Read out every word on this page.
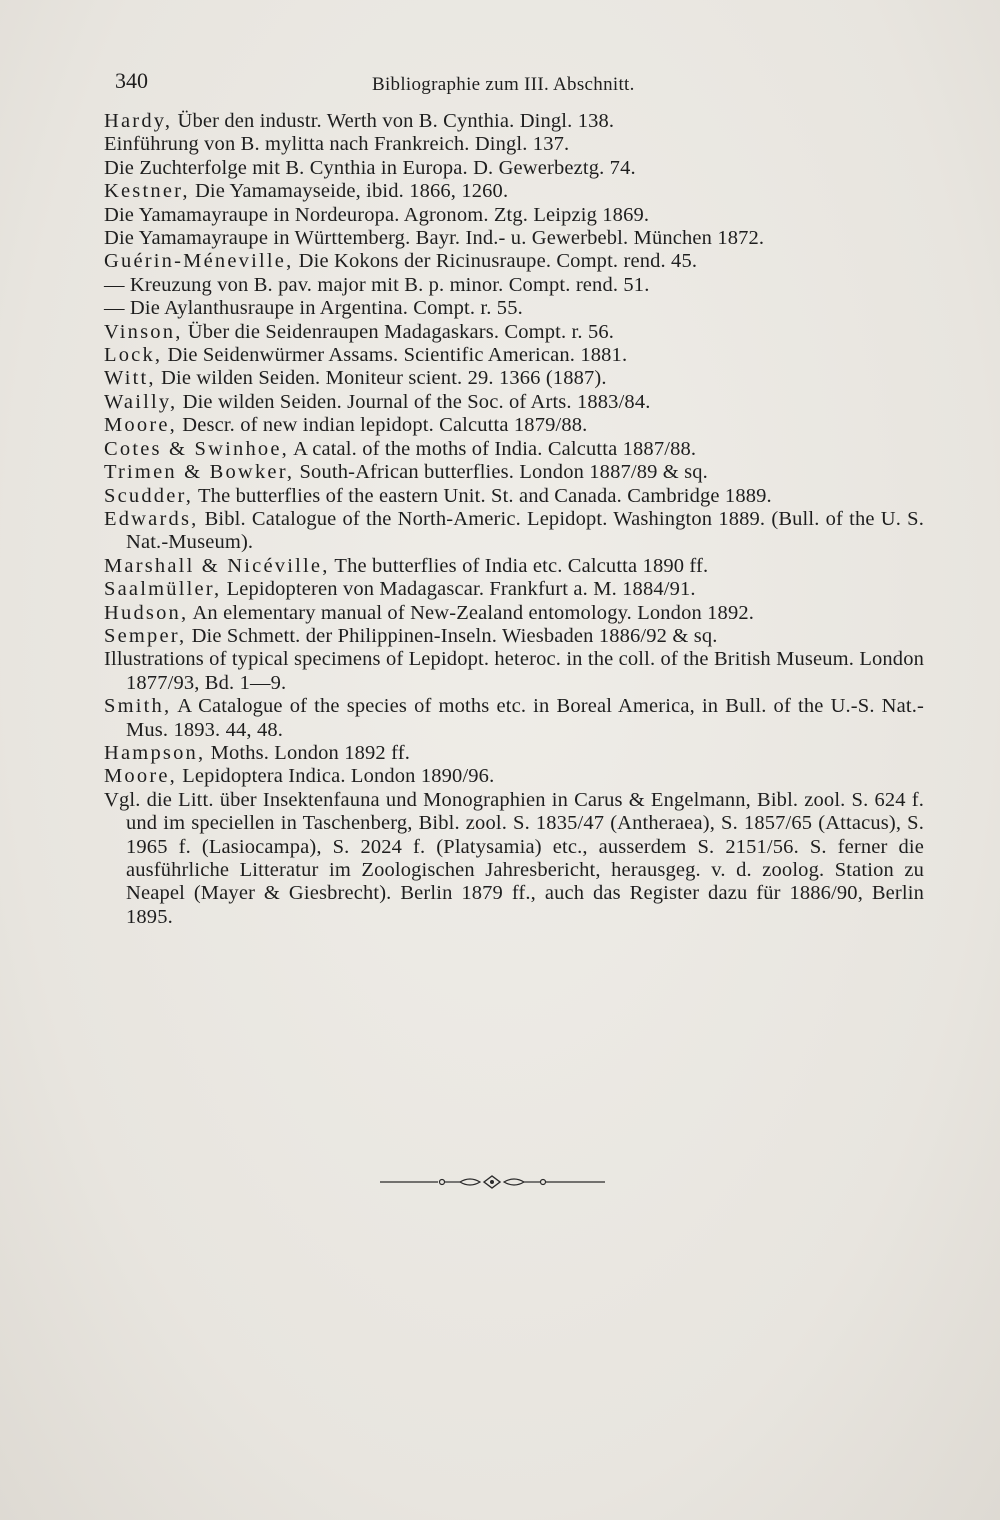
340	Bibliographie zum III. Abschnitt.
Hardy, Über den industr. Werth von B. Cynthia. Dingl. 138.
Einführung von B. mylitta nach Frankreich. Dingl. 137.
Die Zuchterfolge mit B. Cynthia in Europa. D. Gewerbeztg. 74.
Kestner, Die Yamamayseide, ibid. 1866, 1260.
Die Yamamayraupe in Nordeuropa. Agronom. Ztg. Leipzig 1869.
Die Yamamayraupe in Württemberg. Bayr. Ind.- u. Gewerbebl. München 1872.
Guérin-Méneville, Die Kokons der Ricinusraupe. Compt. rend. 45.
— Kreuzung von B. pav. major mit B. p. minor. Compt. rend. 51.
— Die Aylanthusraupe in Argentina. Compt. r. 55.
Vinson, Über die Seidenraupen Madagaskars. Compt. r. 56.
Lock, Die Seidenwürmer Assams. Scientific American. 1881.
Witt, Die wilden Seiden. Moniteur scient. 29. 1366 (1887).
Wailly, Die wilden Seiden. Journal of the Soc. of Arts. 1883/84.
Moore, Descr. of new indian lepidopt. Calcutta 1879/88.
Cotes & Swinhoe, A catal. of the moths of India. Calcutta 1887/88.
Trimen & Bowker, South-African butterflies. London 1887/89 & sq.
Scudder, The butterflies of the eastern Unit. St. and Canada. Cambridge 1889.
Edwards, Bibl. Catalogue of the North-Americ. Lepidopt. Washington 1889. (Bull. of the U. S. Nat.-Museum).
Marshall & Nicéville, The butterflies of India etc. Calcutta 1890 ff.
Saalmüller, Lepidopteren von Madagascar. Frankfurt a. M. 1884/91.
Hudson, An elementary manual of New-Zealand entomology. London 1892.
Semper, Die Schmett. der Philippinen-Inseln. Wiesbaden 1886/92 & sq.
Illustrations of typical specimens of Lepidopt. heteroc. in the coll. of the British Museum. London 1877/93, Bd. 1—9.
Smith, A Catalogue of the species of moths etc. in Boreal America, in Bull. of the U.-S. Nat.-Mus. 1893. 44, 48.
Hampson, Moths. London 1892 ff.
Moore, Lepidoptera Indica. London 1890/96.
Vgl. die Litt. über Insektenfauna und Monographien in Carus & Engelmann, Bibl. zool. S. 624 f. und im speciellen in Taschenberg, Bibl. zool. S. 1835/47 (Antheraea), S. 1857/65 (Attacus), S. 1965 f. (Lasiocampa), S. 2024 f. (Platysamia) etc., ausserdem S. 2151/56. S. ferner die ausführliche Litteratur im Zoologischen Jahresbericht, herausgeg. v. d. zoolog. Station zu Neapel (Mayer & Giesbrecht). Berlin 1879 ff., auch das Register dazu für 1886/90, Berlin 1895.
